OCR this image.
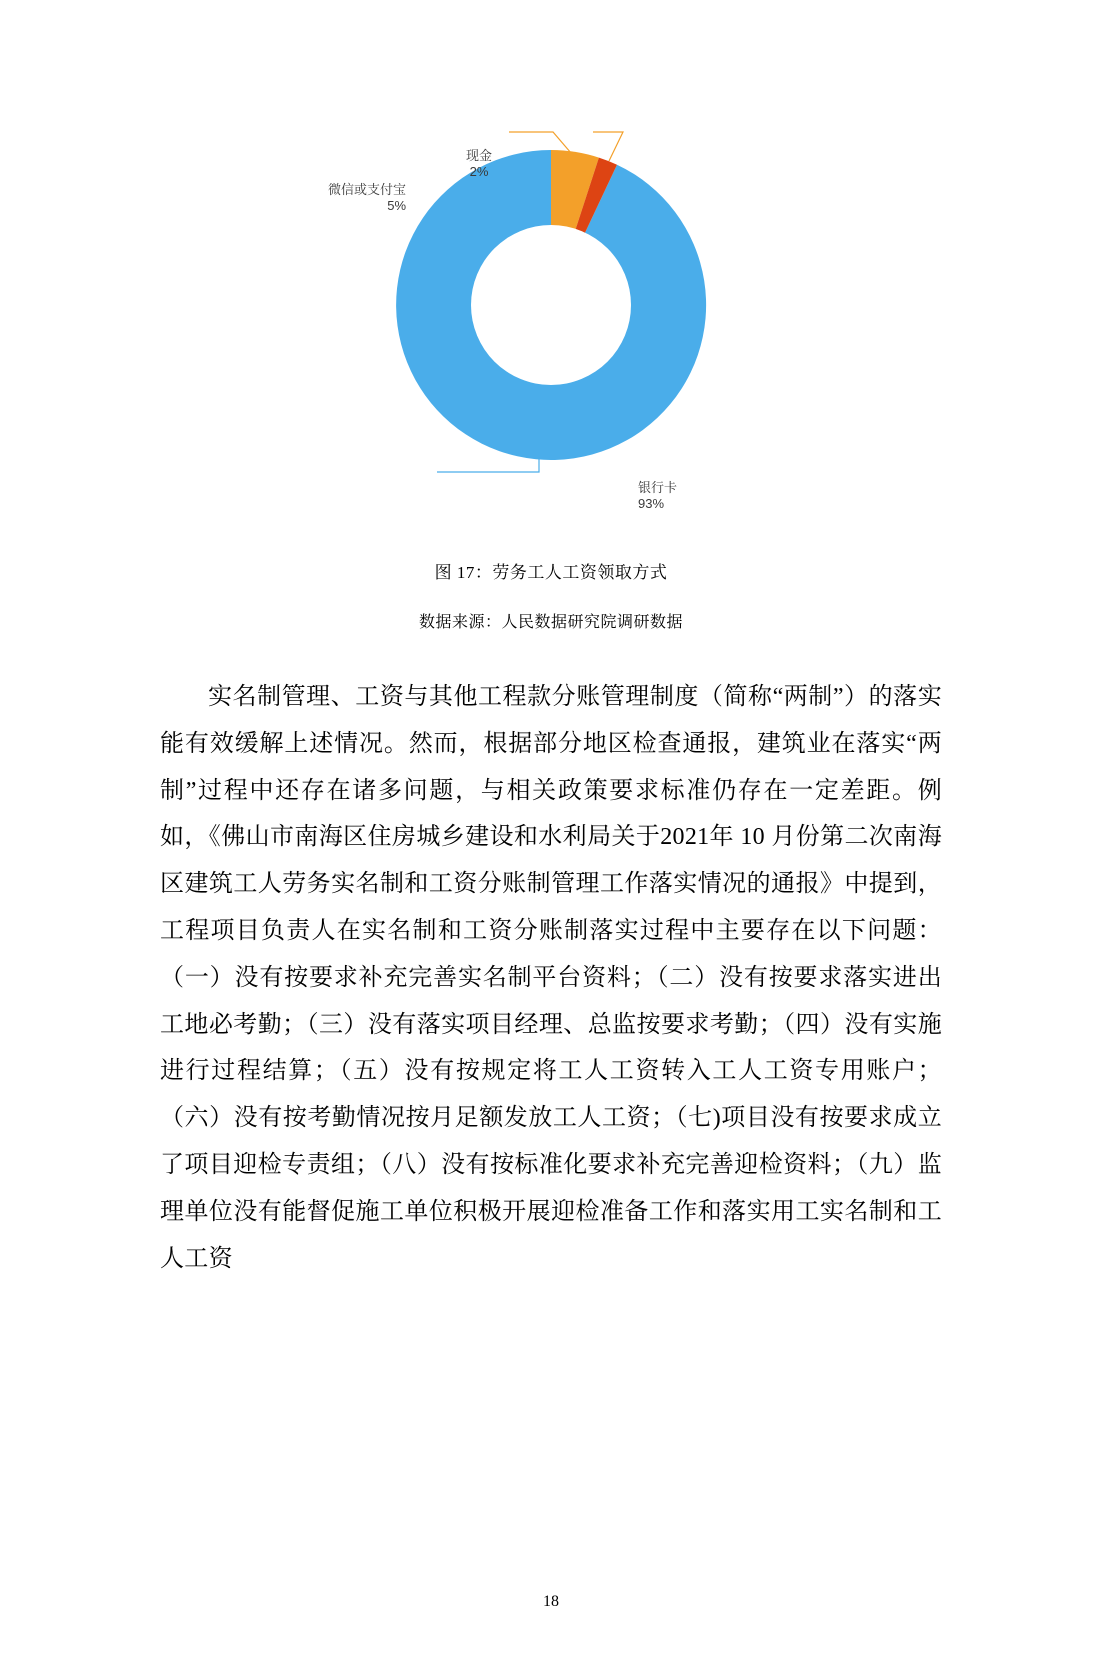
现金
2%
微信或支付宝
5%
银行卡
93%
图 17：劳务工人工资领取方式
数据来源：人民数据研究院调研数据

实名制管理、工资与其他工程款分账管理制度（简称“两制”）的落实能有效缓解上述情况。然而，根据部分地区检查通报，建筑业在落实“两制”过程中还存在诸多问题，与相关政策要求标准仍存在一定差距。例如，《佛山市南海区住房城乡建设和水利局关于2021年 10 月份第二次南海区建筑工人劳务实名制和工资分账制管理工作落实情况的通报》中提到，工程项目负责人在实名制和工资分账制落实过程中主要存在以下问题：（一）没有按要求补充完善实名制平台资料；（二）没有按要求落实进出工地必考勤；（三）没有落实项目经理、总监按要求考勤；（四）没有实施进行过程结算；（五）没有按规定将工人工资转入工人工资专用账户；（六）没有按考勤情况按月足额发放工人工资；（七)项目没有按要求成立了项目迎检专责组；（八）没有按标准化要求补充完善迎检资料；（九）监理单位没有能督促施工单位积极开展迎检准备工作和落实用工实名制和工人工资

18
